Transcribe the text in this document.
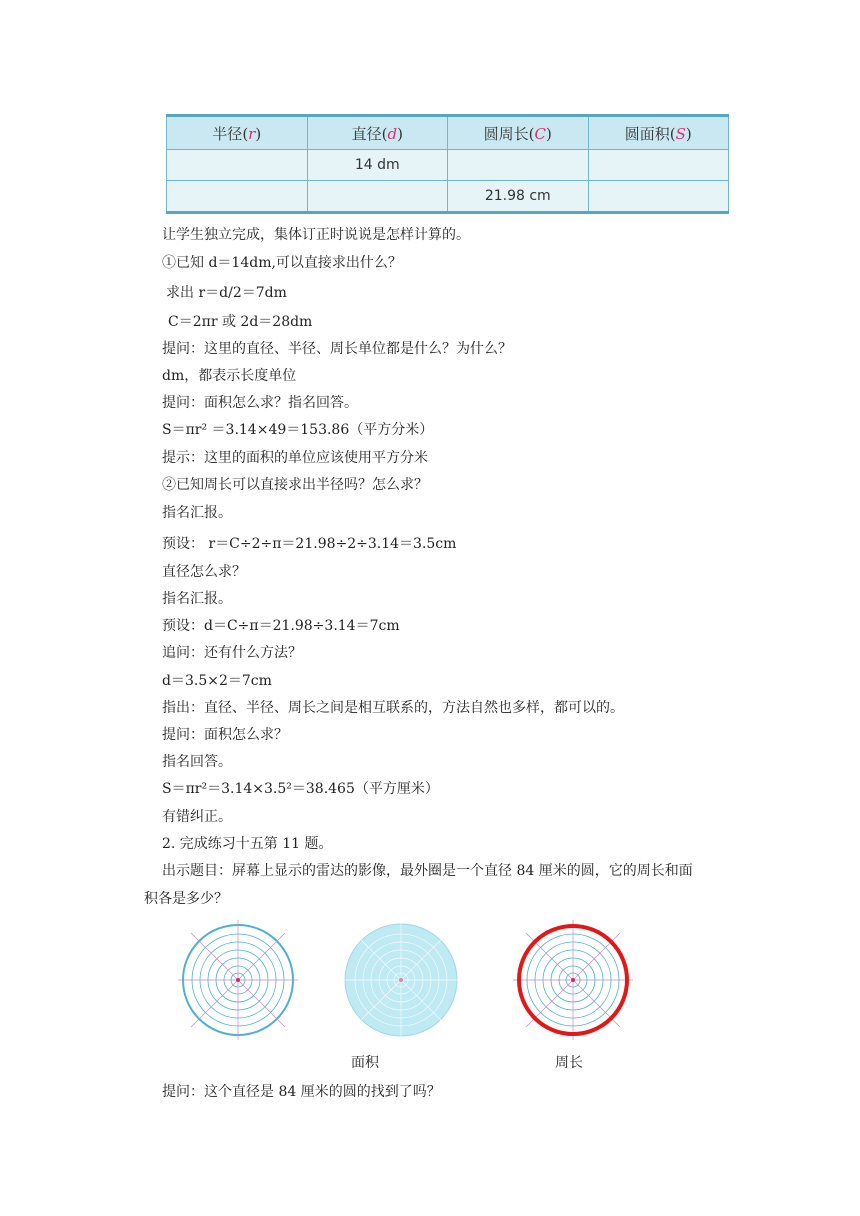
半径(r)	直径(d)	圆周长(C)	圆面积(S)
	14 dm		
		21.98 cm	
让学生独立完成，集体订正时说说是怎样计算的。
①已知 d＝14dm,可以直接求出什么？
求出 r＝d/2＝7dm
C＝2πr 或 2d＝28dm
提问：这里的直径、半径、周长单位都是什么？为什么？
dm，都表示长度单位
提问：面积怎么求？指名回答。
S＝πr² ＝3.14×49＝153.86（平方分米）
提示：这里的面积的单位应该使用平方分米
②已知周长可以直接求出半径吗？怎么求？
指名汇报。
预设： r＝C÷2÷π＝21.98÷2÷3.14＝3.5cm
直径怎么求？
指名汇报。
预设：d＝C÷π＝21.98÷3.14＝7cm
追问：还有什么方法？
d＝3.5×2＝7cm
指出：直径、半径、周长之间是相互联系的，方法自然也多样，都可以的。
提问：面积怎么求？
指名回答。
S＝πr²＝3.14×3.5²＝38.465（平方厘米）
有错纠正。
2. 完成练习十五第 11 题。
出示题目：屏幕上显示的雷达的影像，最外圈是一个直径 84 厘米的圆，它的周长和面
积各是多少？
面积	周长
提问：这个直径是 84 厘米的圆的找到了吗？
